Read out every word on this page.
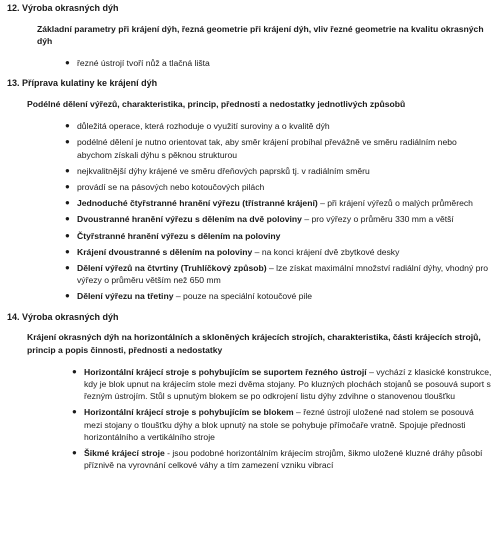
12. Výroba okrasných dýh

Základní parametry při krájení dýh, řezná geometrie při krájení dýh, vliv řezné geometrie na kvalitu okrasných dýh

● řezné ústrojí tvoří nůž a tlačná lišta
13. Příprava kulatiny ke krájení dýh

Podélné dělení výřezů, charakteristika, princip, přednosti a nedostatky jednotlivých způsobů

● důležitá operace, která rozhoduje o využití suroviny a o kvalitě dýh
● podélné dělení je nutno orientovat tak, aby směr krájení probíhal převážně ve směru radiálním nebo abychom získali dýhu s pěknou strukturou
● nejkvalitnější dýhy krájené ve směru dřeňových paprsků tj. v radiálním směru
● provádí se na pásových nebo kotoučových pilách
● Jednoduché čtyřstranné hranění výřezu (třístranné krájení) – při krájení výřezů o malých průměrech
● Dvoustranné hranění výřezu s dělením na dvě poloviny – pro výřezy o průměru 330 mm a větší
● Čtyřstranné hranění výřezu s dělením na poloviny
● Krájení dvoustranné s dělením na poloviny – na konci krájení dvě zbytkové desky
● Dělení výřezů na čtvrtiny (Truhlíčkový způsob) – lze získat maximální množství radiální dýhy, vhodný pro výřezy o průměru větším než 650 mm
● Dělení výřezu na třetiny – pouze na speciální kotoučové pile
14. Výroba okrasných dýh

Krájení okrasných dýh na horizontálních a skloněných krájecích strojích, charakteristika, části krájecích strojů, princip a popis činnosti, přednosti a nedostatky

● Horizontální krájecí stroje s pohybujícím se suportem řezného ústrojí – vychází z klasické konstrukce, kdy je blok upnut na krájecím stole mezi dvěma stojany. Po kluzných plochách stojanů se posouvá suport s řezným ústrojím. Stůl s upnutým blokem se po odkrojení listu dýhy zdvihne o stanovenou tloušťku
● Horizontální krájecí stroje s pohybujícím se blokem – řezné ústrojí uložené nad stolem se posouvá mezi stojany o tloušťku dýhy a blok upnutý na stole se pohybuje přímočaře vratně. Spojuje přednosti horizontálního a vertikálního stroje
● Šikmé krájecí stroje - jsou podobné horizontálním krájecím strojům, šikmo uložené kluzné dráhy působí příznivě na vyrovnání celkové váhy a tím zamezení vzniku vibrací
